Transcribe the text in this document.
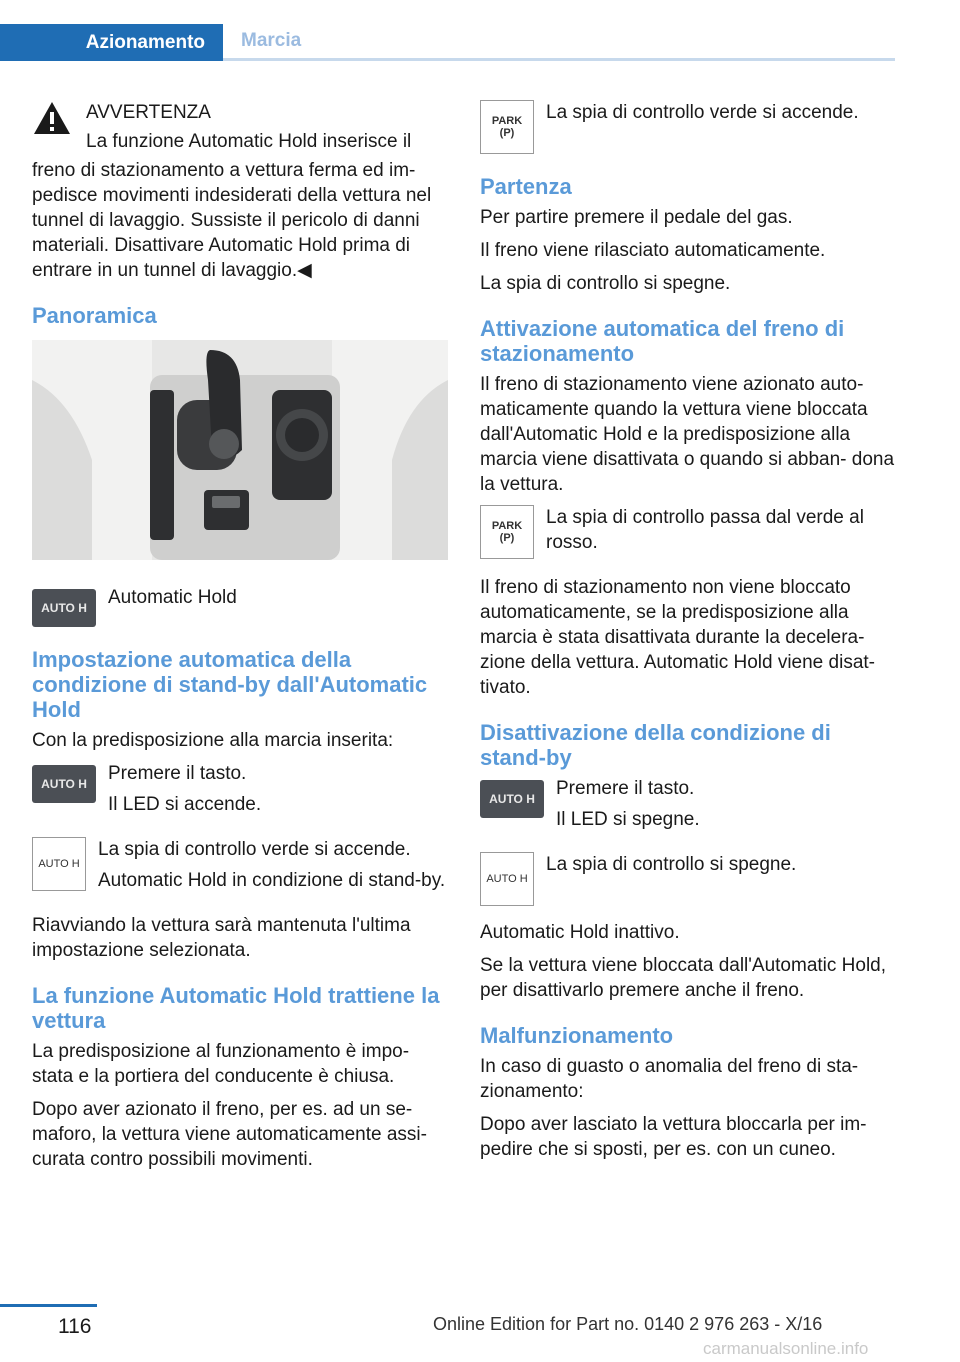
Azionamento	Marcia

AVVERTENZA

La funzione Automatic Hold inserisce il

freno di stazionamento a vettura ferma ed im‐ pedisce movimenti indesiderati della vettura nel tunnel di lavaggio. Sussiste il pericolo di danni materiali. Disattivare Automatic Hold prima di entrare in un tunnel di lavaggio.◀

Panoramica
AUTO H	Automatic Hold

Impostazione automatica della condizione di stand-by dall'Automatic Hold

Con la predisposizione alla marcia inserita:

AUTO H	Premere il tasto.

Il LED si accende.

AUTO H

La spia di controllo verde si accende.

Automatic Hold in condizione di stand-by.

Riavviando la vettura sarà mantenuta l'ultima impostazione selezionata.

La funzione Automatic Hold trattiene la vettura

La predisposizione al funzionamento è impo‐ stata e la portiera del conducente è chiusa.

Dopo aver azionato il freno, per es. ad un se‐ maforo, la vettura viene automaticamente assi‐ curata contro possibili movimenti.

PARK
(P)

La spia di controllo verde si accende.

Partenza

Per partire premere il pedale del gas.

Il freno viene rilasciato automaticamente.

La spia di controllo si spegne.

Attivazione automatica del freno di stazionamento

Il freno di stazionamento viene azionato auto‐ maticamente quando la vettura viene bloccata dall'Automatic Hold e la predisposizione alla marcia viene disattivata o quando si abban‐ dona la vettura.

PARK
(P)

La spia di controllo passa dal verde al rosso.

Il freno di stazionamento non viene bloccato automaticamente, se la predisposizione alla marcia è stata disattivata durante la decelera‐ zione della vettura. Automatic Hold viene disat‐ tivato.

Disattivazione della condizione di stand-by
AUTO H	Premere il tasto.

Il LED si spegne.

AUTO H

La spia di controllo si spegne.

Automatic Hold inattivo.

Se la vettura viene bloccata dall'Automatic Hold, per disattivarlo premere anche il freno.

Malfunzionamento

In caso di guasto o anomalia del freno di sta‐ zionamento:

Dopo aver lasciato la vettura bloccarla per im‐ pedire che si sposti, per es. con un cuneo.

116	Online Edition for Part no. 0140 2 976 263 - X/16
carmanualsonline.info
